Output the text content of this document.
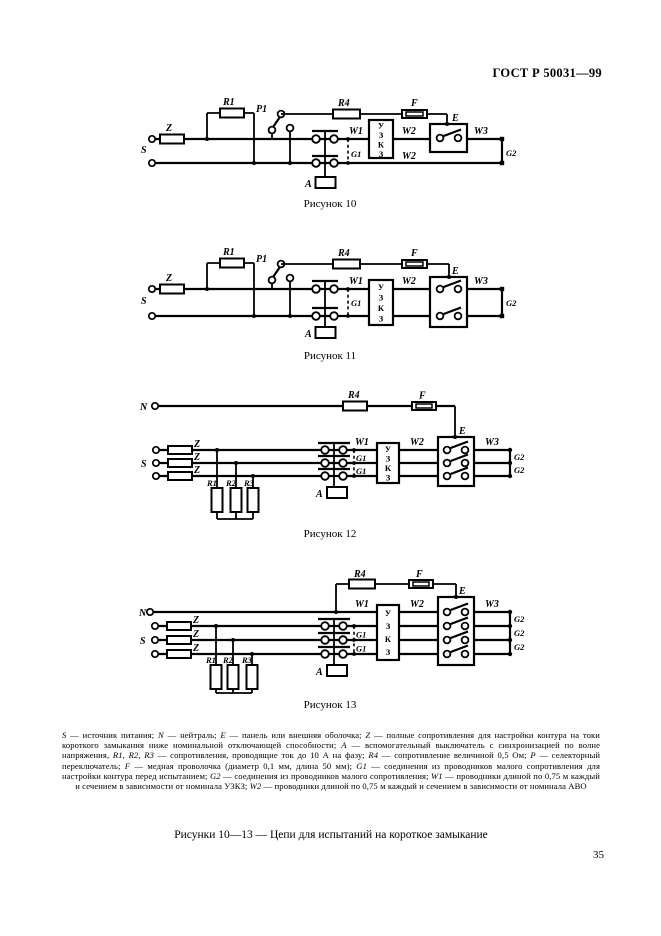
ГОСТ Р 50031—99
Z
S
R1
P1
R4	F
A
G1
W1
У
З
К
З
W2
W2
E
W3
G2
Рисунок 10
Z
S
R1
P1
R4	F
A
G1
W1 У
З
К
З
W2
E
W3
G2
Рисунок 11
N
R4	F
S
Z
Z
Z
R1 R2 R3
A
G1
G1
W1
У
З
К
З
W2
E
W3
G2
G2
Рисунок 12
R4	F
N
S
Z
Z
Z
R1 R2 R3
A
G1
G1
W1
У
З
К
З
W2
E
W3
G2
G2
G2
Рисунок 13
S — источник питания; N — нейтраль; E — панель или внешняя оболочка; Z — полные сопротивления для настройки контура на токи короткого замыкания ниже номинальной отключающей способности; A — вспомогательный выключатель с синхронизацией по волне напряжения, R1, R2, R3 — сопротивления, проводящие ток до 10 А на фазу; R4 — сопротивление величиной 0,5 Ом; P — селекторный переключатель; F — медная проволочка (диаметр 0,1 мм, длина 50 мм); G1 — соединения из проводников малого сопротивления для настройки контура перед испытанием; G2 — соединения из проводников малого сопротивления; W1 — проводники длиной по 0,75 м каждый и сечением в зависимости от номинала УЗКЗ; W2 — проводники длиной по 0,75 м каждый и сечением в зависимости от номинала АВО
Рисунки 10—13 — Цепи для испытаний на короткое замыкание
35
